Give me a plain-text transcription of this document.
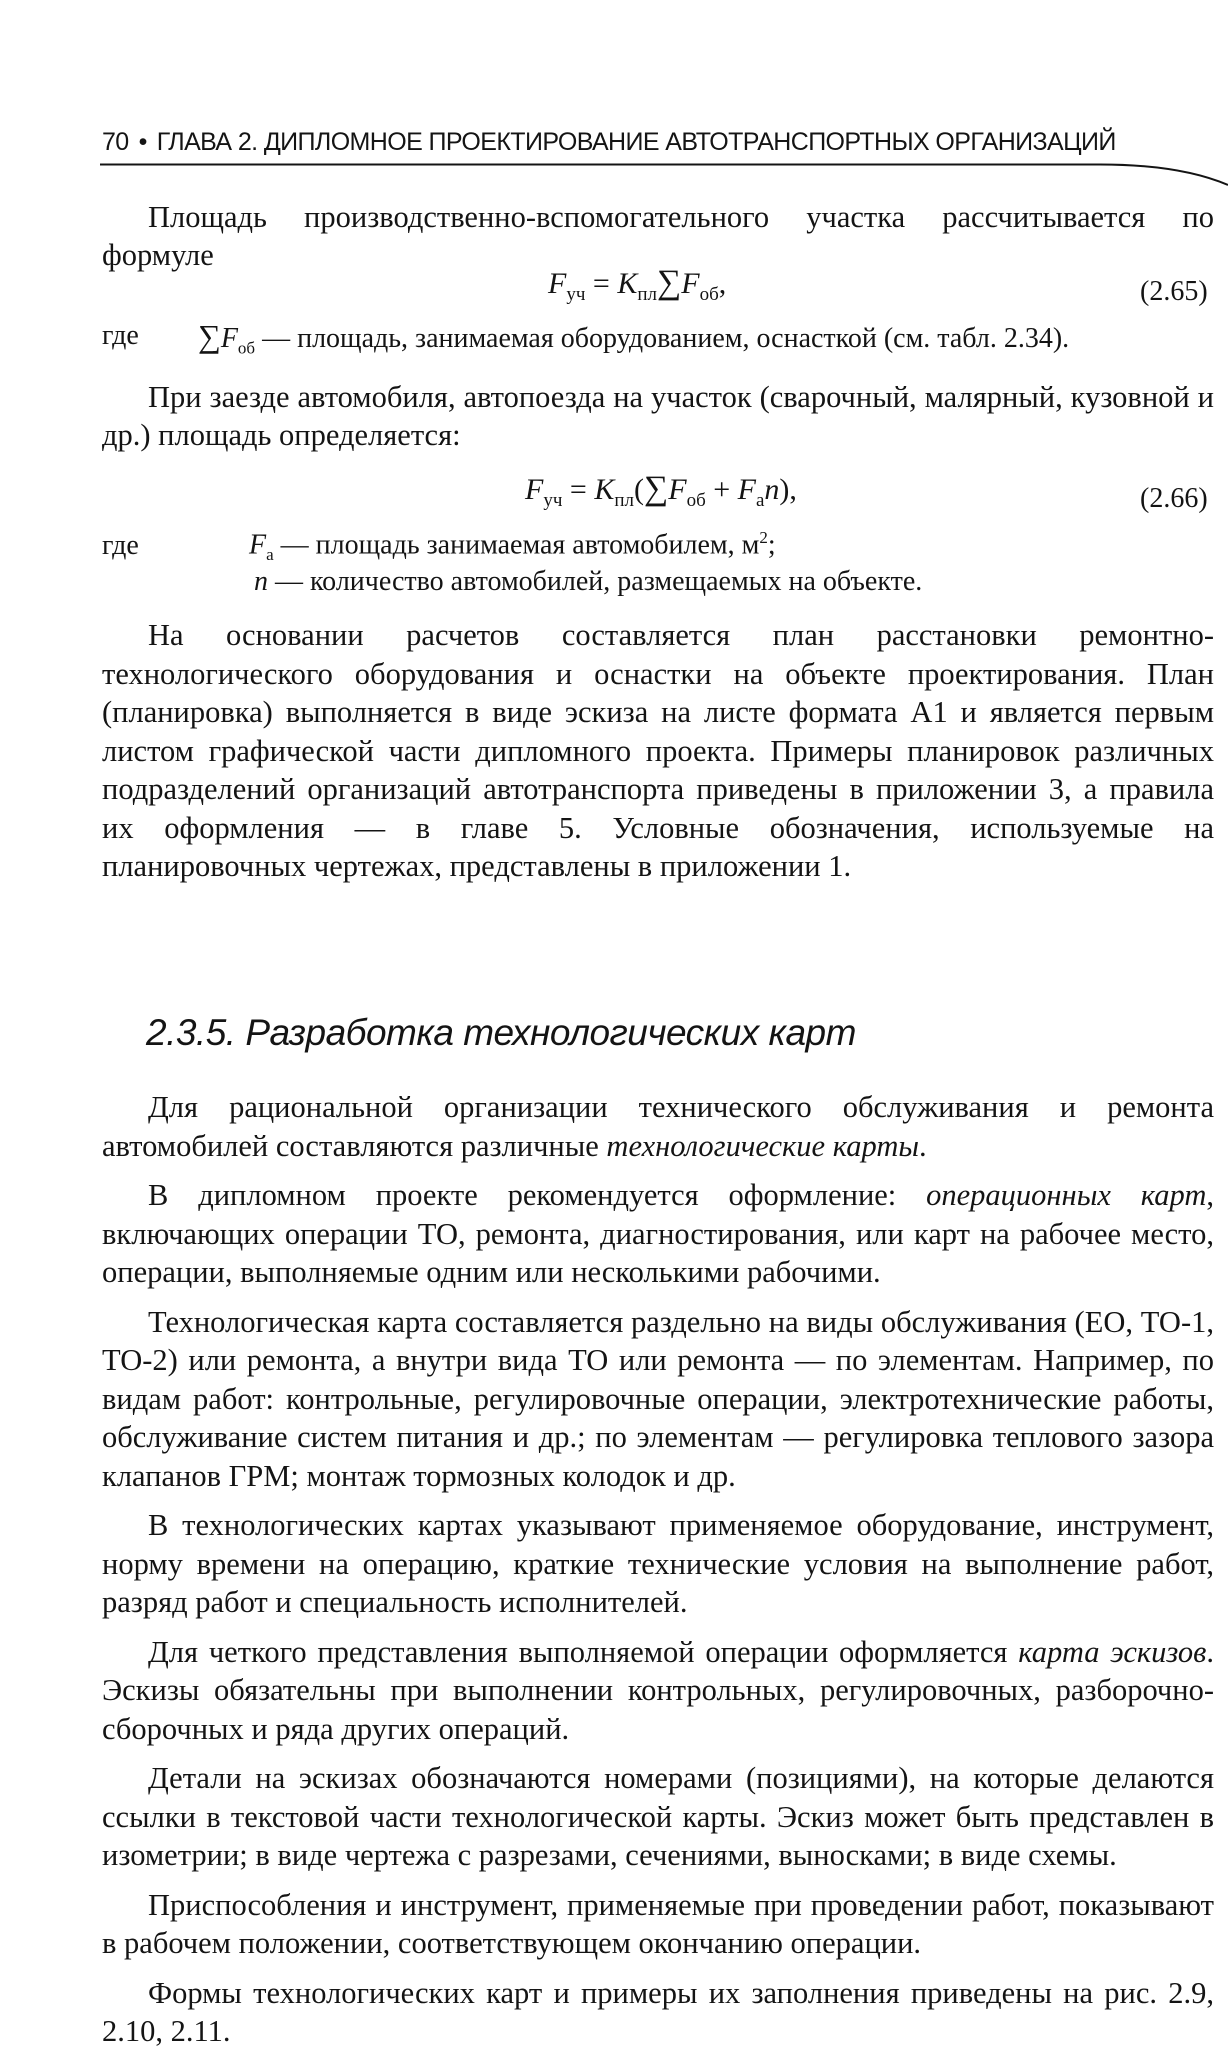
70 • ГЛАВА 2. ДИПЛОМНОЕ ПРОЕКТИРОВАНИЕ АВТОТРАНСПОРТНЫХ ОРГАНИЗАЦИЙ

Площадь производственно-вспомогательного участка рассчитывается по формуле

$F_{уч} = K_{пл}\sum F_{об}$,	(2.65)
где $\sum F_{об}$ — площадь, занимаемая оборудованием, оснасткой (см. табл. 2.34).

При заезде автомобиля, автопоезда на участок (сварочный, малярный, кузовной и др.) площадь определяется:

$F_{уч} = K_{пл}(\sum F_{об} + F_an)$,	(2.66)
где	$F_a$ — площадь занимаемая автомобилем, $м^2$;
n — количество автомобилей, размещаемых на объекте.

На основании расчетов составляется план расстановки ремонтно-технологического оборудования и оснастки на объекте проектирования. План (планировка) выполняется в виде эскиза на листе формата А1 и является первым листом графической части дипломного проекта. Примеры планировок различных подразделений организаций автотранспорта приведены в приложении 3, а правила их оформления — в главе 5. Условные обозначения, используемые на планировочных чертежах, представлены в приложении 1.

2.3.5. Разработка технологических карт

Для рациональной организации технического обслуживания и ремонта автомобилей составляются различные технологические карты.

В дипломном проекте рекомендуется оформление: операционных карт, включающих операции ТО, ремонта, диагностирования, или карт на рабочее место, операции, выполняемые одним или несколькими рабочими.

Технологическая карта составляется раздельно на виды обслуживания (ЕО, ТО-1, ТО-2) или ремонта, а внутри вида ТО или ремонта — по элементам. Например, по видам работ: контрольные, регулировочные операции, электротехнические работы, обслуживание систем питания и др.; по элементам — регулировка теплового зазора клапанов ГРМ; монтаж тормозных колодок и др.

В технологических картах указывают применяемое оборудование, инструмент, норму времени на операцию, краткие технические условия на выполнение работ, разряд работ и специальность исполнителей.

Для четкого представления выполняемой операции оформляется карта эскизов. Эскизы обязательны при выполнении контрольных, регулировочных, разборочно-сборочных и ряда других операций.

Детали на эскизах обозначаются номерами (позициями), на которые делаются ссылки в текстовой части технологической карты. Эскиз может быть представлен в изометрии; в виде чертежа с разрезами, сечениями, выносками; в виде схемы.

Приспособления и инструмент, применяемые при проведении работ, показывают в рабочем положении, соответствующем окончанию операции.

Формы технологических карт и примеры их заполнения приведены на рис. 2.9, 2.10, 2.11.
